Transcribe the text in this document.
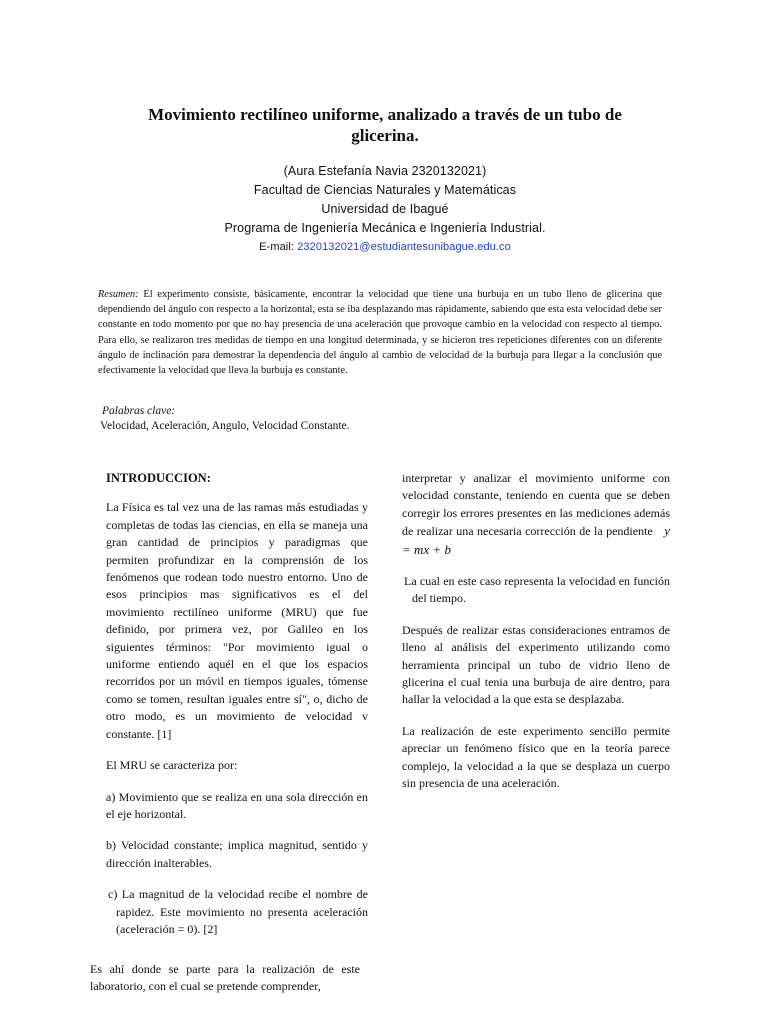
Movimiento rectilíneo uniforme, analizado a través de un tubo de glicerina.
(Aura Estefanía Navia 2320132021)
Facultad de Ciencias Naturales y Matemáticas
Universidad de Ibagué
Programa de Ingeniería Mecánica e Ingeniería Industrial.
E-mail: 2320132021@estudiantesunibague.edu.co
Resumen: El experimento consiste, básicamente, encontrar la velocidad que tiene una burbuja en un tubo lleno de glicerina que dependiendo del ángulo con respecto a la horizontal, esta se iba desplazando mas rápidamente, sabiendo que esta esta velocidad debe ser constante en todo momento por que no hay presencia de una aceleración que provoque cambio en la velocidad con respecto al tiempo. Para ello, se realizaron tres medidas de tiempo en una longitud determinada, y se hicieron tres repeticiones diferentes con un diferente ángulo de inclinación para demostrar la dependencia del ángulo al cambio de velocidad de la burbuja para llegar a la conclusión que efectivamente la velocidad que lleva la burbuja es constante.
Palabras clave:
Velocidad, Aceleración, Angulo, Velocidad Constante.

INTRODUCCION:

La Física es tal vez una de las ramas más estudiadas y completas de todas las ciencias, en ella se maneja una gran cantidad de principios y paradigmas que permiten profundizar en la comprensión de los fenómenos que rodean todo nuestro entorno. Uno de esos principios mas significativos es el del movimiento rectilíneo uniforme (MRU) que fue definido, por primera vez, por Galileo en los siguientes términos: "Por movimiento igual o uniforme entiendo aquél en el que los espacios recorridos por un móvil en tiempos iguales, tómense como se tomen, resultan iguales entre sí", o, dicho de otro modo, es un movimiento de velocidad v constante. [1]

El MRU se caracteriza por:

a) Movimiento que se realiza en una sola dirección en el eje horizontal.

b) Velocidad constante; implica magnitud, sentido y dirección inalterables.

c) La magnitud de la velocidad recibe el nombre de rapidez. Este movimiento no presenta aceleración (aceleración = 0). [2]

Es ahí donde se parte para la realización de este laboratorio, con el cual se pretende comprender,

interpretar y analizar el movimiento uniforme con velocidad constante, teniendo en cuenta que se deben corregir los errores presentes en las mediciones además de realizar una necesaria corrección de la pendiente y = mx + b

La cual en este caso representa la velocidad en función del tiempo.

Después de realizar estas consideraciones entramos de lleno al análisis del experimento utilizando como herramienta principal un tubo de vidrio lleno de glicerina el cual tenia una burbuja de aire dentro, para hallar la velocidad a la que esta se desplazaba.

La realización de este experimento sencillo permite apreciar un fenómeno físico que en la teoría parece complejo, la velocidad a la que se desplaza un cuerpo sin presencia de una aceleración.
